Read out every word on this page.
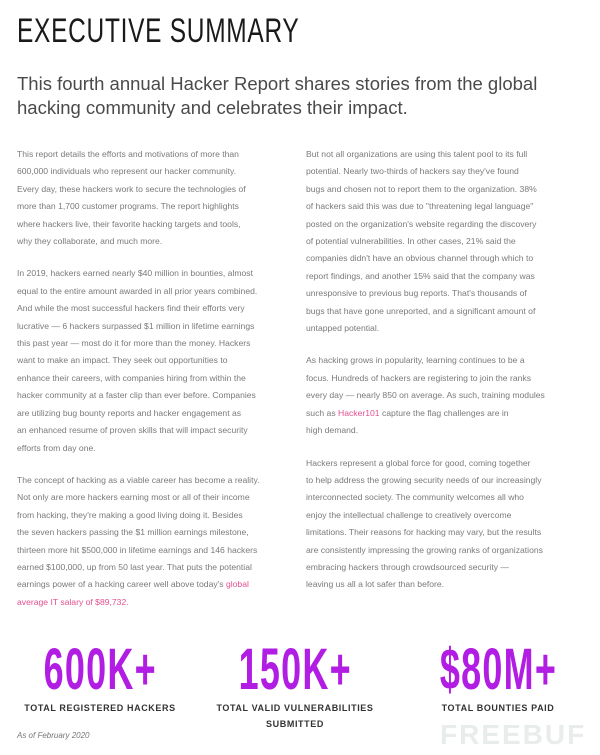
EXECUTIVE SUMMARY
This fourth annual Hacker Report shares stories from the global
hacking community and celebrates their impact.

This report details the efforts and motivations of more than
600,000 individuals who represent our hacker community.
Every day, these hackers work to secure the technologies of
more than 1,700 customer programs. The report highlights
where hackers live, their favorite hacking targets and tools,
why they collaborate, and much more.

In 2019, hackers earned nearly $40 million in bounties, almost
equal to the entire amount awarded in all prior years combined.
And while the most successful hackers find their efforts very
lucrative — 6 hackers surpassed $1 million in lifetime earnings
this past year — most do it for more than the money. Hackers
want to make an impact. They seek out opportunities to
enhance their careers, with companies hiring from within the
hacker community at a faster clip than ever before. Companies
are utilizing bug bounty reports and hacker engagement as
an enhanced resume of proven skills that will impact security
efforts from day one.

The concept of hacking as a viable career has become a reality.
Not only are more hackers earning most or all of their income
from hacking, they're making a good living doing it. Besides
the seven hackers passing the $1 million earnings milestone,
thirteen more hit $500,000 in lifetime earnings and 146 hackers
earned $100,000, up from 50 last year. That puts the potential
earnings power of a hacking career well above today's global
average IT salary of $89,732.

But not all organizations are using this talent pool to its full
potential. Nearly two-thirds of hackers say they've found
bugs and chosen not to report them to the organization. 38%
of hackers said this was due to "threatening legal language"
posted on the organization's website regarding the discovery
of potential vulnerabilities. In other cases, 21% said the
companies didn't have an obvious channel through which to
report findings, and another 15% said that the company was
unresponsive to previous bug reports. That's thousands of
bugs that have gone unreported, and a significant amount of
untapped potential.

As hacking grows in popularity, learning continues to be a
focus. Hundreds of hackers are registering to join the ranks
every day — nearly 850 on average. As such, training modules
such as Hacker101 capture the flag challenges are in
high demand.

Hackers represent a global force for good, coming together
to help address the growing security needs of our increasingly
interconnected society. The community welcomes all who
enjoy the intellectual challenge to creatively overcome
limitations. Their reasons for hacking may vary, but the results
are consistently impressing the growing ranks of organizations
embracing hackers through crowdsourced security —
leaving us all a lot safer than before.

600K+
TOTAL REGISTERED HACKERS
150K+
TOTAL VALID VULNERABILITIES
SUBMITTED
$80M+
TOTAL BOUNTIES PAID
As of February 2020	FREEBUF
